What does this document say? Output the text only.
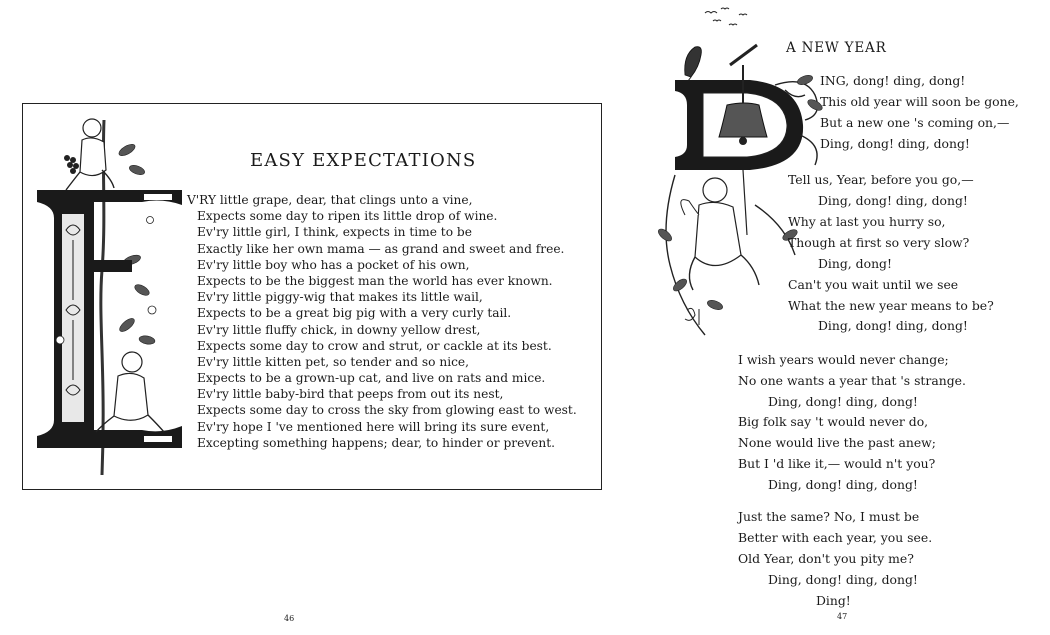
EASY EXPECTATIONS
V'RY little grape, dear, that clings unto a vine,
Expects some day to ripen its little drop of wine.
Ev'ry little girl, I think, expects in time to be
Exactly like her own mama — as grand and sweet and free.
Ev'ry little boy who has a pocket of his own,
Expects to be the biggest man the world has ever known.
Ev'ry little piggy-wig that makes its little wail,
Expects to be a great big pig with a very curly tail.
Ev'ry little fluffy chick, in downy yellow drest,
Expects some day to crow and strut, or cackle at its best.
Ev'ry little kitten pet, so tender and so nice,
Expects to be a grown-up cat, and live on rats and mice.
Ev'ry little baby-bird that peeps from out its nest,
Expects some day to cross the sky from glowing east to west.
Ev'ry hope I 've mentioned here will bring its sure event,
Excepting something happens; dear, to hinder or prevent.
46
A NEW YEAR
ING, dong! ding, dong!
This old year will soon be gone,
But a new one 's coming on,—
Ding, dong! ding, dong!
Tell us, Year, before you go,—
Ding, dong! ding, dong!
Why at last you hurry so,
Though at first so very slow?
Ding, dong!
Can't you wait until we see
What the new year means to be?
Ding, dong! ding, dong!
I wish years would never change;
No one wants a year that 's strange.
Ding, dong! ding, dong!
Big folk say 't would never do,
None would live the past anew;
But I 'd like it,— would n't you?
Ding, dong! ding, dong!
Just the same? No, I must be
Better with each year, you see.
Old Year, don't you pity me?
Ding, dong! ding, dong!
Ding!
47
